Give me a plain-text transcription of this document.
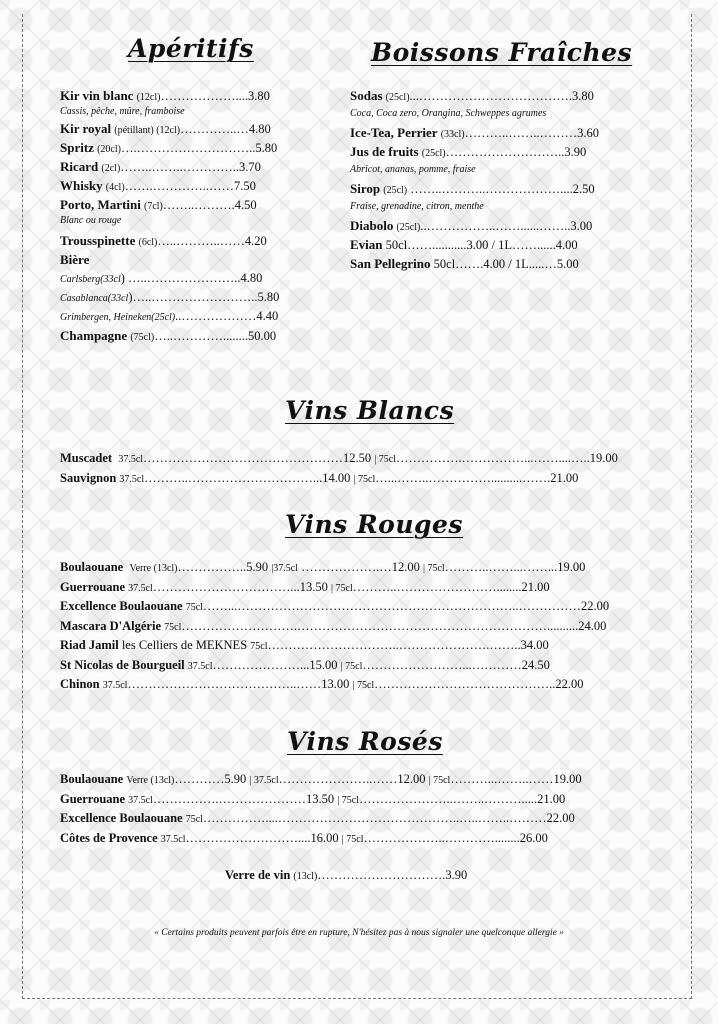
Apéritifs	Boissons Fraîches
Vins Blancs
Vins Rouges
Vins Rosés
Kir vin blanc (12cl)………………....3.80
Cassis, pêche, mûre, framboise
Kir royal (pétillant) (12cl)…………..…4.80
Spritz (20cl)….………………………..5.80
Ricard (2cl)……..……..…………..3.70
Whisky (4cl)…….…………..……7.50
Porto, Martini (7cl)……..……….4.50
Blanc ou rouge
Trousspinette (6cl)…..………..……4.20
Bière
Carlsberg(33cl) …..…………………..4.80
Casablanca(33cl)…..……………………..5.80
Grimbergen, Heineken(25cl)..………………4.40
Champagne (75cl)…..…………........50.00
Sodas (25cl)...……………………………….3.80
Coca, Coca zero, Orangina, Schweppes agrumes
Ice-Tea, Perrier (33cl)………..……..………3.60
Jus de fruits (25cl)………………………..3.90
Abricot, ananas, pomme, fraise
Sirop (25cl) ……..………..………………....2.50
Fraise, grenadine, citron, menthe
Diabolo (25cl)..……………..……......……..3.00
Evian 50cl……...........3.00 / 1L……......4.00
San Pellegrino 50cl…….4.00 / 1L.....…5.00
Muscadet 37.5cl…………………………………………12.50 | 75cl…………….……………...……....…..19.00
Sauvignon 37.5cl………..…………………………...14.00 | 75cl…...……..……………..........…….21.00
Boulaouane Verre (13cl)……………..5.90 |37.5cl ……………….…12.00 | 75cl………..……...……...19.00
Guerrouane 37.5cl……………………………...13.50 | 75cl………..……………………........21.00
Excellence Boulaouane 75cl……...…………………………………………………………..……………22.00
Mascara D'Algérie 75cl……………………….……………………………………………………..........24.00
Riad Jamil les Celliers de MEKNES 75cl…………………………..………………….……..34.00
St Nicolas de Bourgueil 37.5cl…………………...15.00 | 75cl……………………...…………24.50
Chinon 37.5cl…………………………………..……13.00 | 75cl……………………………………..22.00
Boulaouane Verre (13cl)…………5.90 | 37.5cl…………………..……12.00 | 75cl………...……..……19.00
Guerrouane 37.5cl…………….…………………13.50 | 75cl…………………..……..……….....21.00
Excellence Boulaouane 75cl……………....……………………………………..…..……..………22.00
Côtes de Provence 37.5cl………………………....16.00 | 75cl………………..…………........26.00
Verre de vin (13cl)………………………….3.90
« Certains produits peuvent parfois être en rupture, N'hésitez pas à nous signaler une quelconque allergie »
